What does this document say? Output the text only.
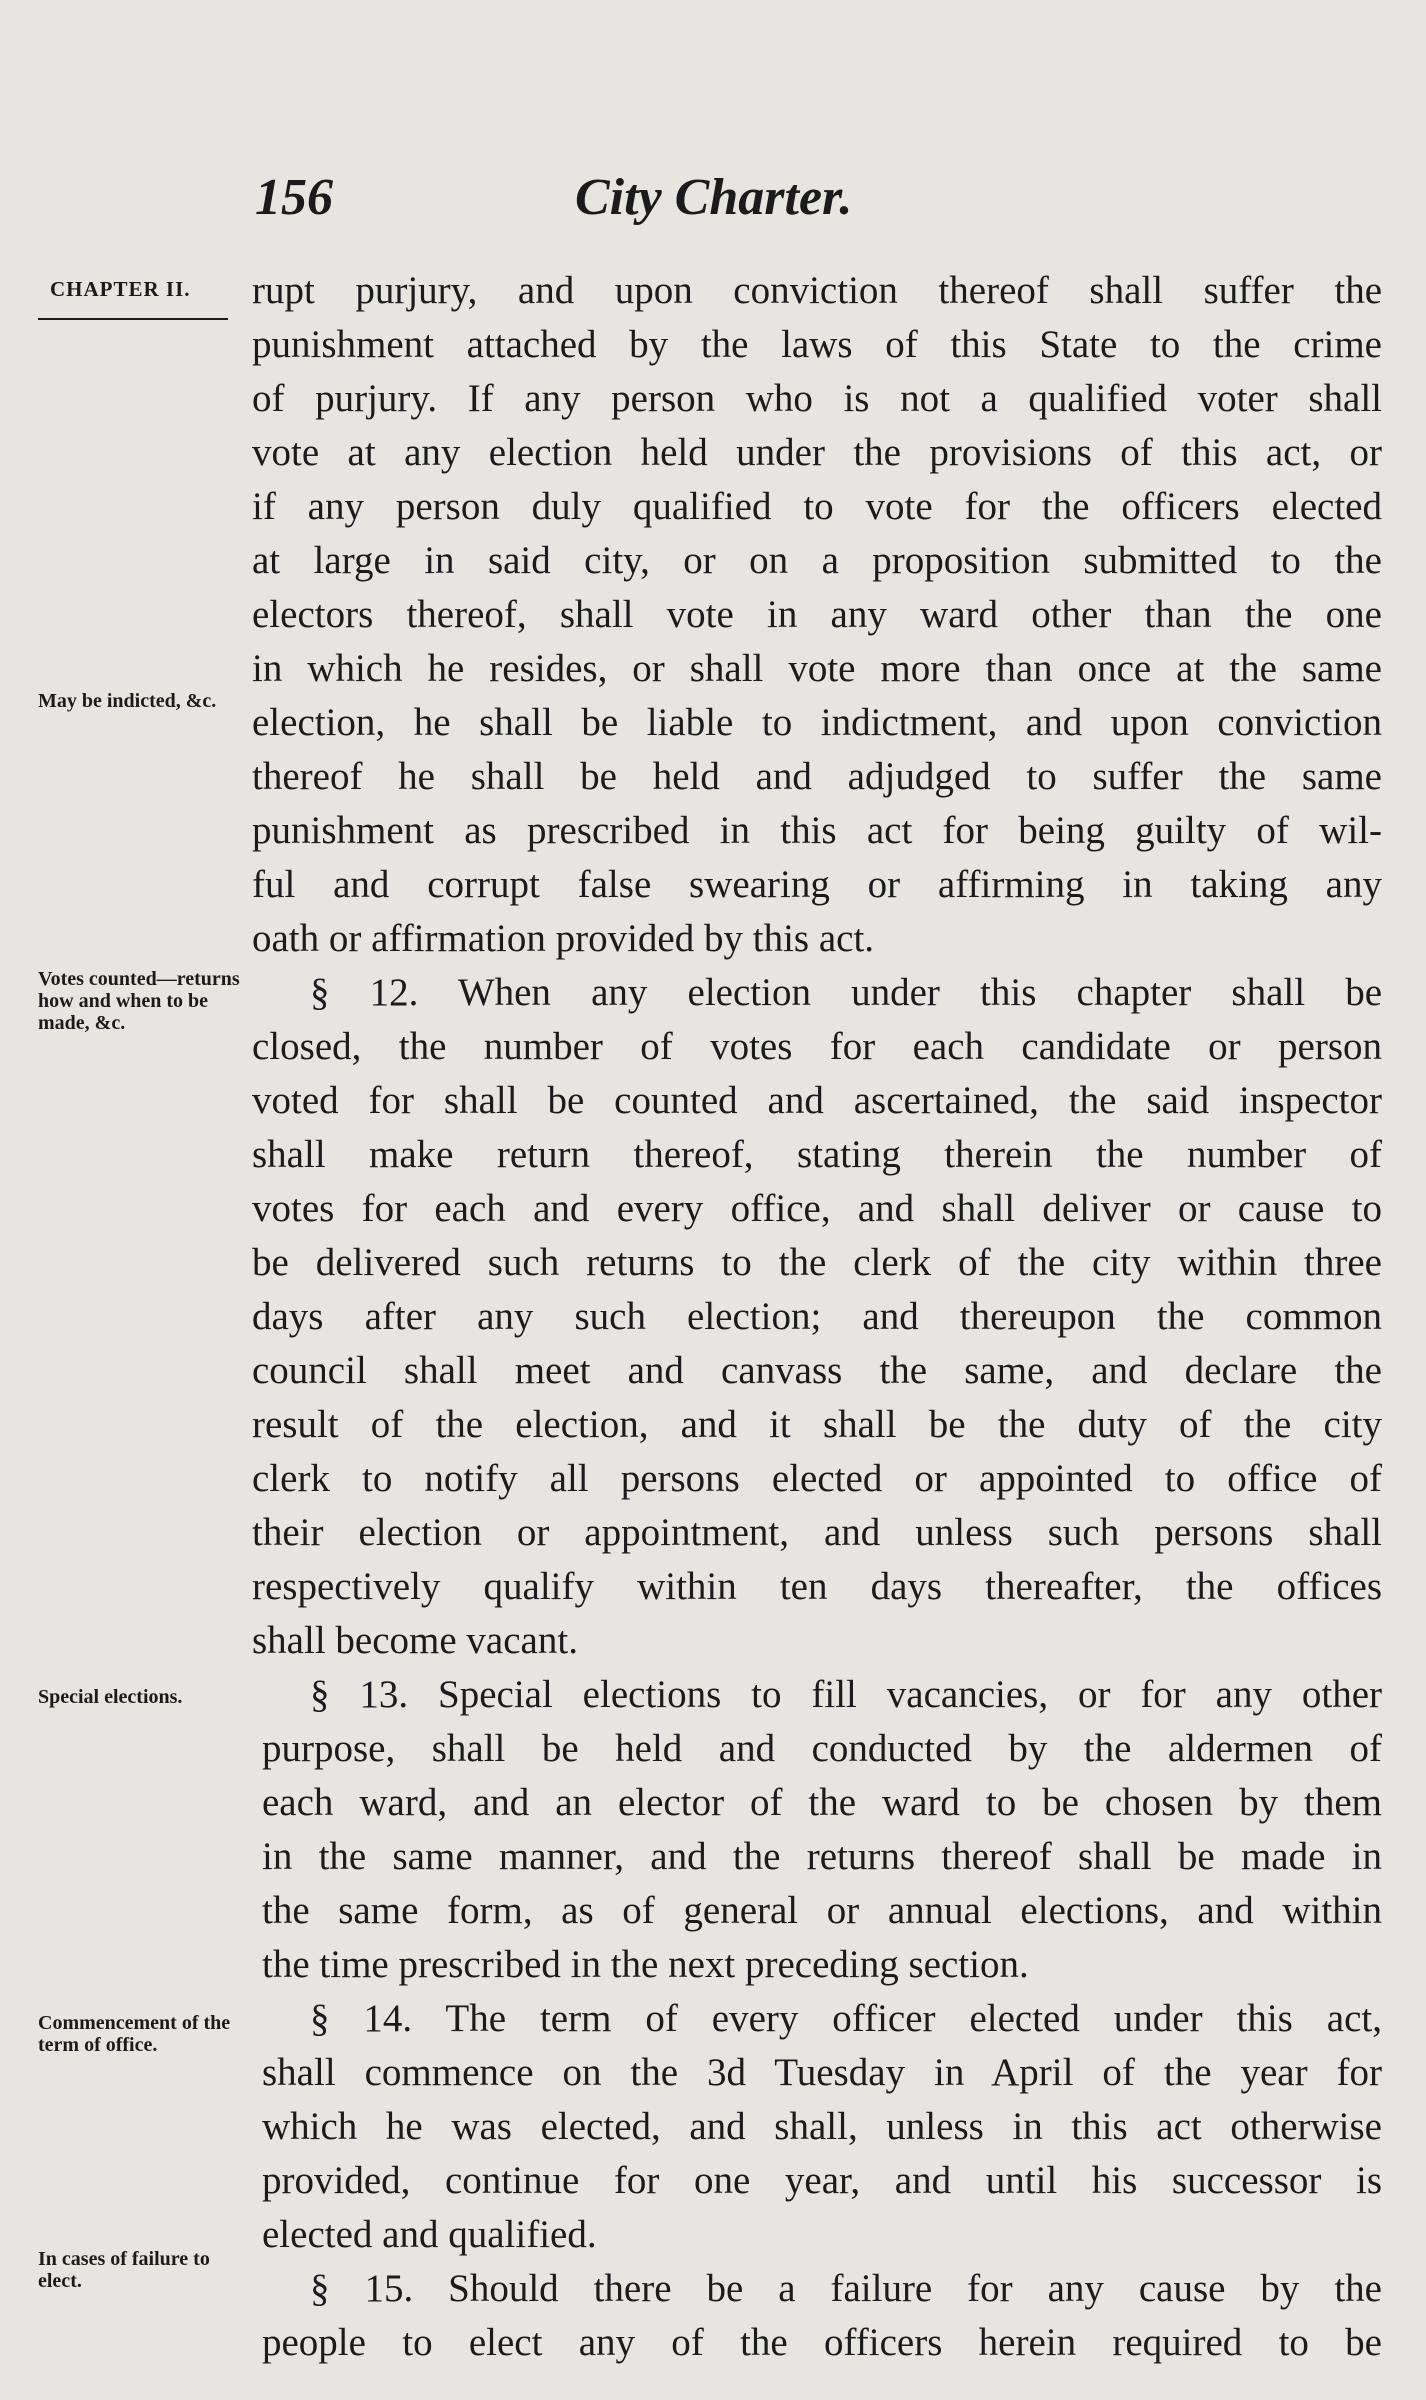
156	City Charter.
CHAPTER II.
May be indicted, &c.
Votes counted—returns how and when to be made, &c.
Special elections.
Commencement of the term of office.
In cases of failure to elect.
rupt purjury, and upon conviction thereof shall suffer the
punishment attached by the laws of this State to the crime
of purjury. If any person who is not a qualified voter shall
vote at any election held under the provisions of this act, or
if any person duly qualified to vote for the officers elected
at large in said city, or on a proposition submitted to the
electors thereof, shall vote in any ward other than the one
in which he resides, or shall vote more than once at the same
election, he shall be liable to indictment, and upon conviction
thereof he shall be held and adjudged to suffer the same
punishment as prescribed in this act for being guilty of wil-
ful and corrupt false swearing or affirming in taking any
oath or affirmation provided by this act.
§ 12. When any election under this chapter shall be
closed, the number of votes for each candidate or person
voted for shall be counted and ascertained, the said inspector
shall make return thereof, stating therein the number of
votes for each and every office, and shall deliver or cause to
be delivered such returns to the clerk of the city within three
days after any such election; and thereupon the common
council shall meet and canvass the same, and declare the
result of the election, and it shall be the duty of the city
clerk to notify all persons elected or appointed to office of
their election or appointment, and unless such persons shall
respectively qualify within ten days thereafter, the offices
shall become vacant.
§ 13. Special elections to fill vacancies, or for any other
purpose, shall be held and conducted by the aldermen of
each ward, and an elector of the ward to be chosen by them
in the same manner, and the returns thereof shall be made in
the same form, as of general or annual elections, and within
the time prescribed in the next preceding section.
§ 14. The term of every officer elected under this act,
shall commence on the 3d Tuesday in April of the year for
which he was elected, and shall, unless in this act otherwise
provided, continue for one year, and until his successor is
elected and qualified.
§ 15. Should there be a failure for any cause by the
people to elect any of the officers herein required to be
